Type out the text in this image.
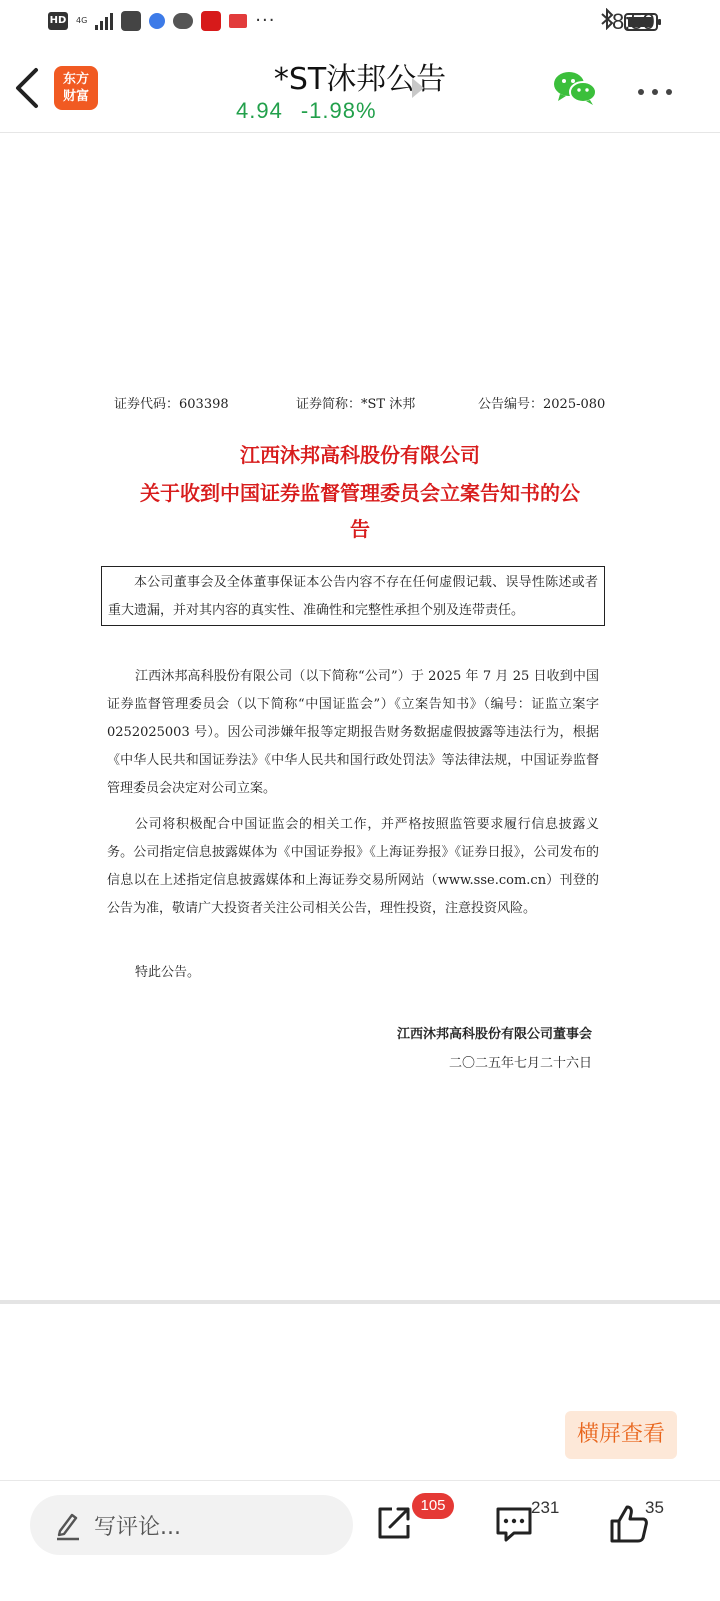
HD 4G	···	8:59
东方
财富	*ST沐邦公告
4.94 -1.98%
证券代码：603398	证券简称：*ST 沐邦	公告编号：2025-080
江西沐邦高科股份有限公司
关于收到中国证券监督管理委员会立案告知书的公
告
本公司董事会及全体董事保证本公告内容不存在任何虚假记载、误导性陈述或者重大遗漏，并对其内容的真实性、准确性和完整性承担个别及连带责任。
江西沐邦高科股份有限公司（以下简称“公司”）于 2025 年 7 月 25 日收到中国证券监督管理委员会（以下简称“中国证监会”）《立案告知书》（编号：证监立案字 0252025003 号）。因公司涉嫌年报等定期报告财务数据虚假披露等违法行为，根据《中华人民共和国证券法》《中华人民共和国行政处罚法》等法律法规，中国证券监督管理委员会决定对公司立案。
公司将积极配合中国证监会的相关工作，并严格按照监管要求履行信息披露义务。公司指定信息披露媒体为《中国证券报》《上海证券报》《证券日报》，公司发布的信息以在上述指定信息披露媒体和上海证券交易所网站（www.sse.com.cn）刊登的公告为准，敬请广大投资者关注公司相关公告，理性投资，注意投资风险。
特此公告。
江西沐邦高科股份有限公司董事会
二〇二五年七月二十六日
横屏查看
写评论...
105	231	35
